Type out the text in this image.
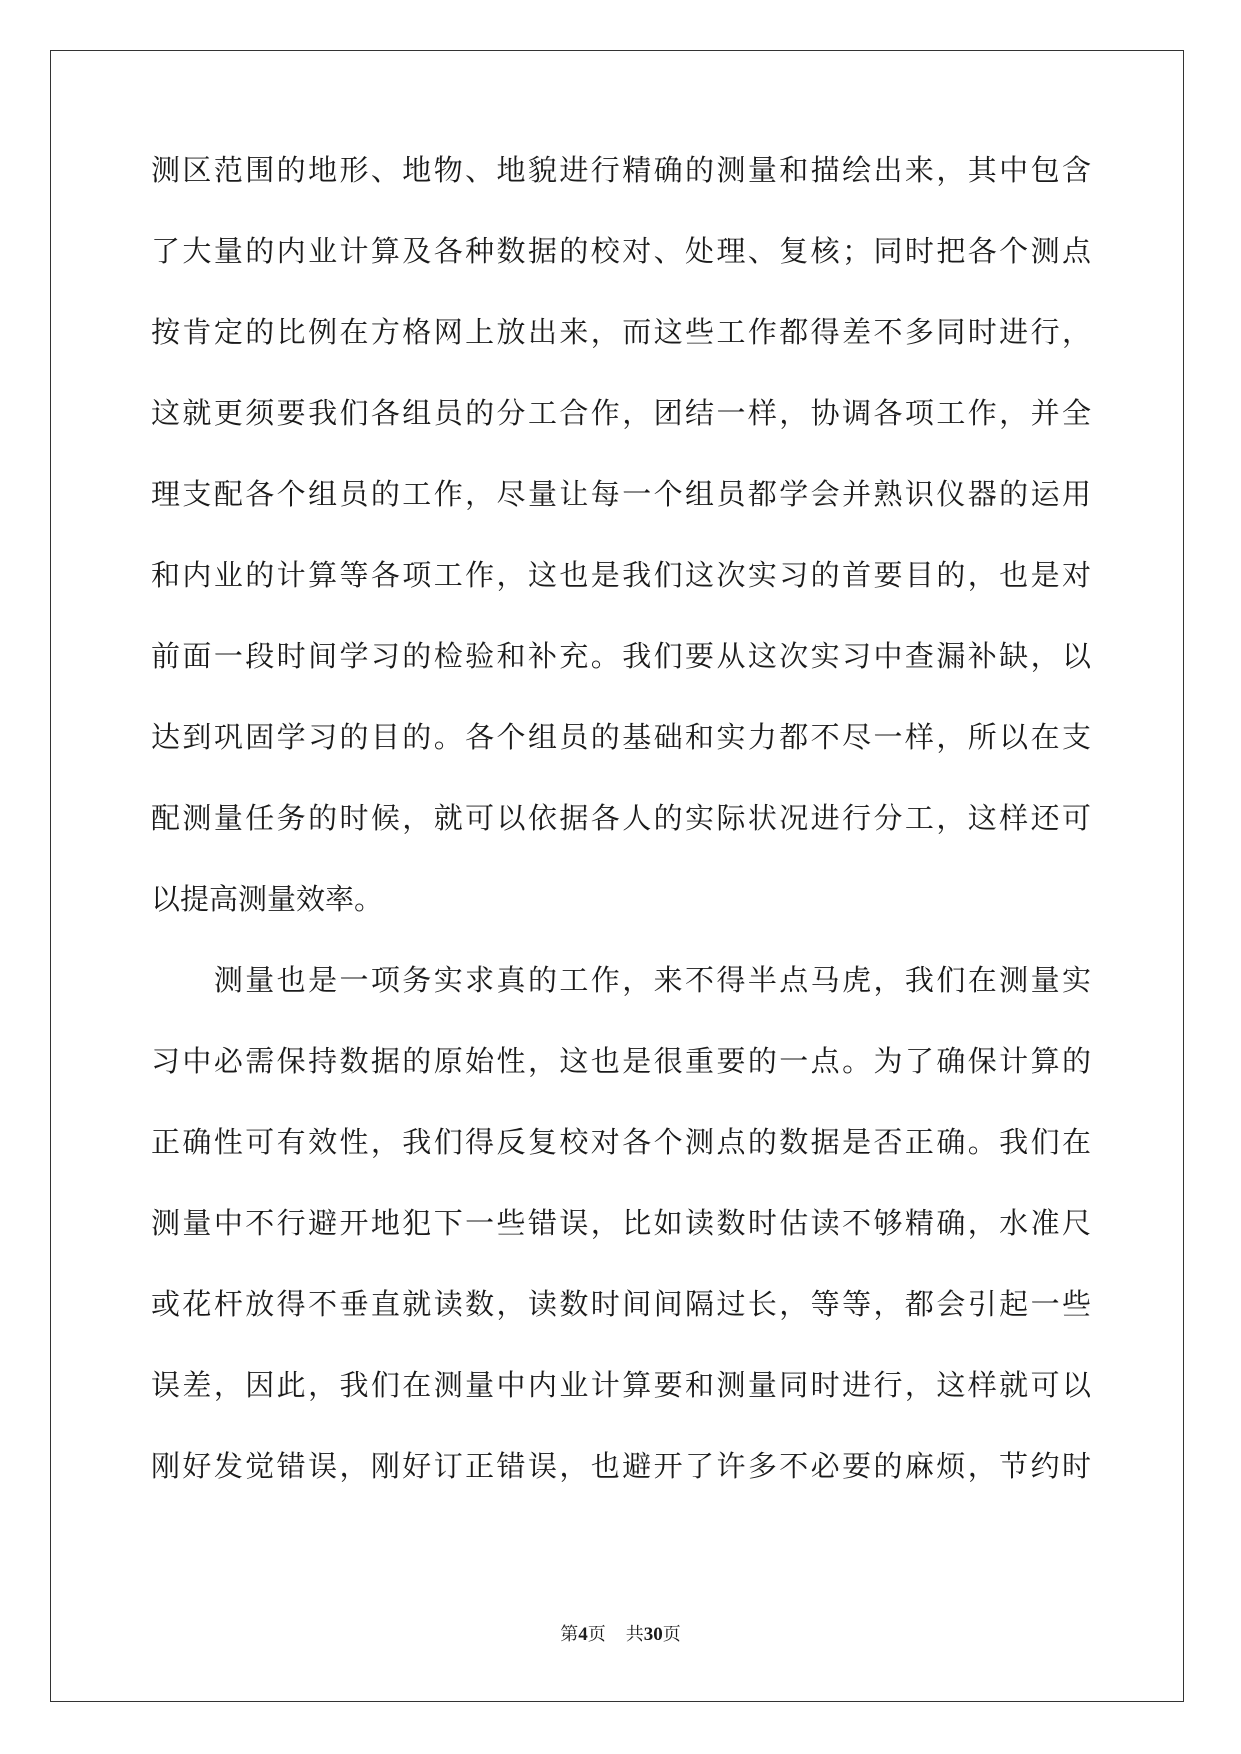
测区范围的地形、地物、地貌进行精确的测量和描绘出来，其中包含
了大量的内业计算及各种数据的校对、处理、复核；同时把各个测点
按肯定的比例在方格网上放出来，而这些工作都得差不多同时进行，
这就更须要我们各组员的分工合作，团结一样，协调各项工作，并全
理支配各个组员的工作，尽量让每一个组员都学会并熟识仪器的运用
和内业的计算等各项工作，这也是我们这次实习的首要目的，也是对
前面一段时间学习的检验和补充。我们要从这次实习中查漏补缺，以
达到巩固学习的目的。各个组员的基础和实力都不尽一样，所以在支
配测量任务的时候，就可以依据各人的实际状况进行分工，这样还可
以提高测量效率。
　　测量也是一项务实求真的工作，来不得半点马虎，我们在测量实
习中必需保持数据的原始性，这也是很重要的一点。为了确保计算的
正确性可有效性，我们得反复校对各个测点的数据是否正确。我们在
测量中不行避开地犯下一些错误，比如读数时估读不够精确，水准尺
或花杆放得不垂直就读数，读数时间间隔过长，等等，都会引起一些
误差，因此，我们在测量中内业计算要和测量同时进行，这样就可以
刚好发觉错误，刚好订正错误，也避开了许多不必要的麻烦，节约时
第4页 共30页
